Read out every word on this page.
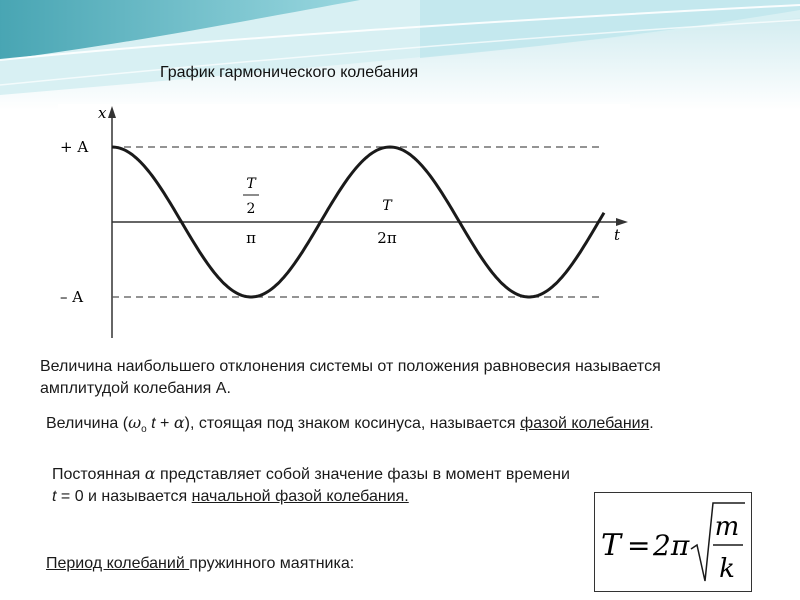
График гармонического колебания
x
t
+ A
– A
T
2
π
T
2π
Величина наибольшего отклонения системы от положения равновесия называется амплитудой колебания А.
Величина ($\omega_o$ t + α), стоящая под знаком косинуса, называется фазой колебания.
Постоянная α представляет собой значение фазы в момент времени t = 0 и называется начальной фазой колебания.
Период колебаний пружинного маятника:
T = 2π
m
k
